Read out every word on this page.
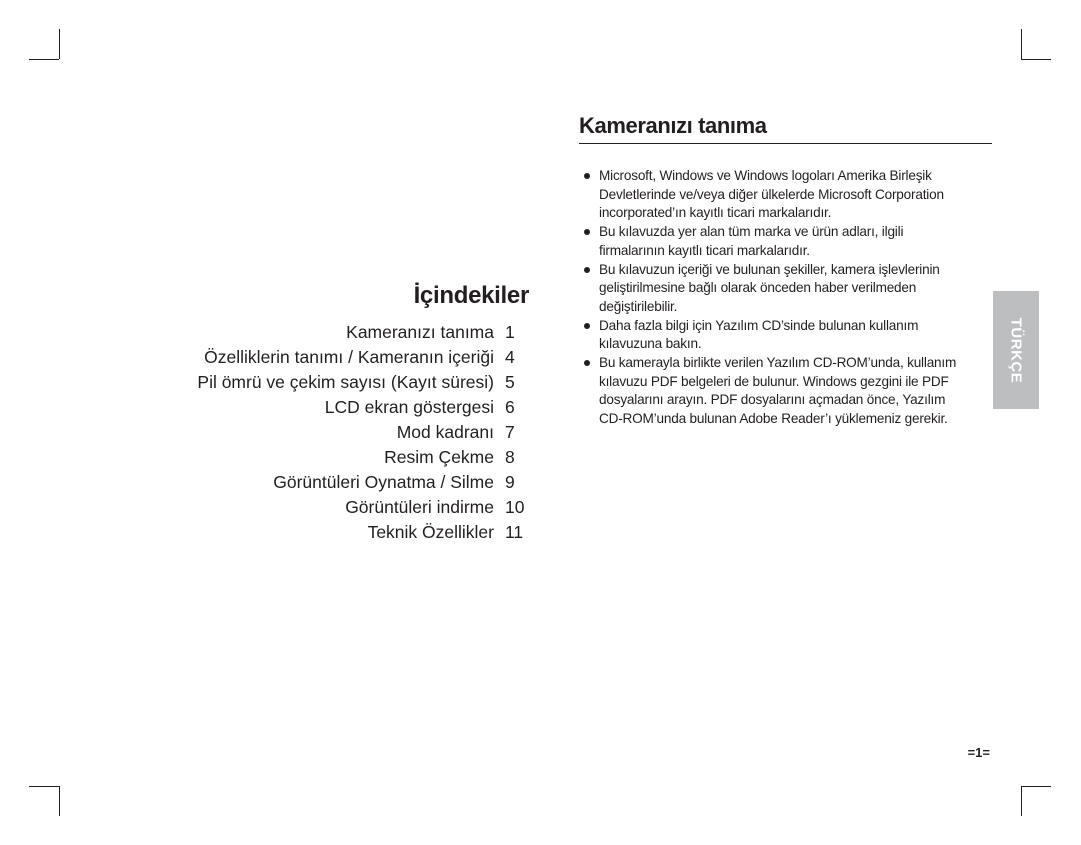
İçindekiler
Kameranızı tanıma 1
Özelliklerin tanımı / Kameranın içeriği 4
Pil ömrü ve çekim sayısı (Kayıt süresi) 5
LCD ekran göstergesi 6
Mod kadranı 7
Resim Çekme 8
Görüntüleri Oynatma / Silme 9
Görüntüleri indirme 10
Teknik Özellikler 11
Kameranızı tanıma
Microsoft, Windows ve Windows logoları Amerika Birleşik
Devletlerinde ve/veya diğer ülkelerde Microsoft Corporation
incorporated’ın kayıtlı ticari markalarıdır.
Bu kılavuzda yer alan tüm marka ve ürün adları, ilgili
firmalarının kayıtlı ticari markalarıdır.
Bu kılavuzun içeriği ve bulunan şekiller, kamera işlevlerinin
geliştirilmesine bağlı olarak önceden haber verilmeden
değiştirilebilir.
Daha fazla bilgi için Yazılım CD’sinde bulunan kullanım
kılavuzuna bakın.
Bu kamerayla birlikte verilen Yazılım CD-ROM’unda, kullanım
kılavuzu PDF belgeleri de bulunur. Windows gezgini ile PDF
dosyalarını arayın. PDF dosyalarını açmadan önce, Yazılım
CD-ROM’unda bulunan Adobe Reader’ı yüklemeniz gerekir.
TÜRKÇE
=1=
